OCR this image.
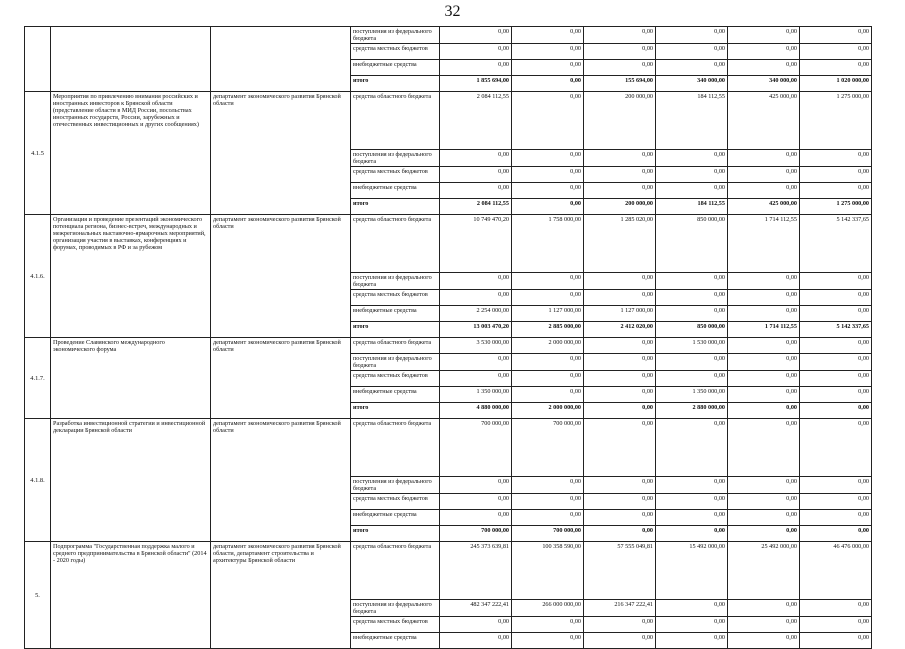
32
			поступления из федерального бюджета	0,00	0,00	0,00	0,00	0,00	0,00
			средства местных бюджетов	0,00	0,00	0,00	0,00	0,00	0,00
			внебюджетные средства	0,00	0,00	0,00	0,00	0,00	0,00
			итого	1 855 694,00	0,00	155 694,00	340 000,00	340 000,00	1 020 000,00
4.1.5	Мероприятия по привлечению внимания российских и иностранных инвесторов к Брянской области (представление области в МИД России, посольствах иностранных государств, России, зарубежных и отечественных инвестиционных и других сообщениях)	департамент экономического развития Брянской области	средства областного бюджета	2 084 112,55	0,00	200 000,00	184 112,55	425 000,00	1 275 000,00
			поступления из федерального бюджета	0,00	0,00	0,00	0,00	0,00	0,00
			средства местных бюджетов	0,00	0,00	0,00	0,00	0,00	0,00
			внебюджетные средства	0,00	0,00	0,00	0,00	0,00	0,00
			итого	2 084 112,55	0,00	200 000,00	184 112,55	425 000,00	1 275 000,00
4.1.6.	Организация и проведение презентаций экономического потенциала региона, бизнес-встреч, международных и межрегиональных выставочно-ярмарочных мероприятий, организация участия в выставках, конференциях и форумах, проводимых в РФ и за рубежом	департамент экономического развития Брянской области	средства областного бюджета	10 749 470,20	1 758 000,00	1 285 020,00	850 000,00	1 714 112,55	5 142 337,65
			поступления из федерального бюджета	0,00	0,00	0,00	0,00	0,00	0,00
			средства местных бюджетов	0,00	0,00	0,00	0,00	0,00	0,00
			внебюджетные средства	2 254 000,00	1 127 000,00	1 127 000,00	0,00	0,00	0,00
			итого	13 003 470,20	2 885 000,00	2 412 020,00	850 000,00	1 714 112,55	5 142 337,65
4.1.7.	Проведение Славянского международного экономического форума	департамент экономического развития Брянской области	средства областного бюджета	3 530 000,00	2 000 000,00	0,00	1 530 000,00	0,00	0,00
			поступления из федерального бюджета	0,00	0,00	0,00	0,00	0,00	0,00
			средства местных бюджетов	0,00	0,00	0,00	0,00	0,00	0,00
			внебюджетные средства	1 350 000,00	0,00	0,00	1 350 000,00	0,00	0,00
			итого	4 880 000,00	2 000 000,00	0,00	2 880 000,00	0,00	0,00
4.1.8.	Разработка инвестиционной стратегии и инвестиционной декларации Брянской области	департамент экономического развития Брянской области	средства областного бюджета	700 000,00	700 000,00	0,00	0,00	0,00	0,00
			поступления из федерального бюджета	0,00	0,00	0,00	0,00	0,00	0,00
			средства местных бюджетов	0,00	0,00	0,00	0,00	0,00	0,00
			внебюджетные средства	0,00	0,00	0,00	0,00	0,00	0,00
			итого	700 000,00	700 000,00	0,00	0,00	0,00	0,00
5.	Подпрограмма "Государственная поддержка малого и среднего предпринимательства в Брянской области" (2014 - 2020 годы)	департамент экономического развития Брянской области, департамент строительства и архитектуры Брянской области	средства областного бюджета	245 373 639,81	100 358 590,00	57 555 049,81	15 492 000,00	25 492 000,00	46 476 000,00
			поступления из федерального бюджета	482 347 222,41	266 000 000,00	216 347 222,41	0,00	0,00	0,00
			средства местных бюджетов	0,00	0,00	0,00	0,00	0,00	0,00
			внебюджетные средства	0,00	0,00	0,00	0,00	0,00	0,00
